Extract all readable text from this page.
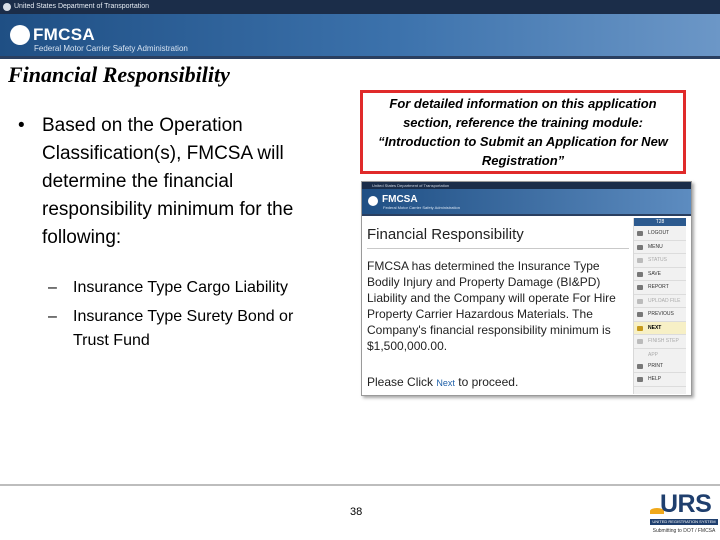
United States Department of Transportation
FMCSA
Federal Motor Carrier Safety Administration
Financial Responsibility
• Based on the Operation Classification(s), FMCSA will determine the financial responsibility minimum for the following:
– Insurance Type Cargo Liability
– Insurance Type Surety Bond or Trust Fund
For detailed information on this application section, reference the training module: “Introduction to Submit an Application for New Registration”
United States Department of Transportation
FMCSA
Federal Motor Carrier Safety Administration
Financial Responsibility
FMCSA has determined the Insurance Type Bodily Injury and Property Damage (BI&PD) Liability and the Company will operate For Hire Property Carrier Hazardous Materials. The Company's financial responsibility minimum is $1,500,000.00.
Please Click Next to proceed.
T28
LOGOUT
MENU
STATUS
SAVE
REPORT
UPLOAD FILE
PREVIOUS
NEXT
FINISH STEP APP
PRINT
HELP
38	URS
UNITED REGISTRATION SYSTEM
Submitting to DOT / FMCSA
